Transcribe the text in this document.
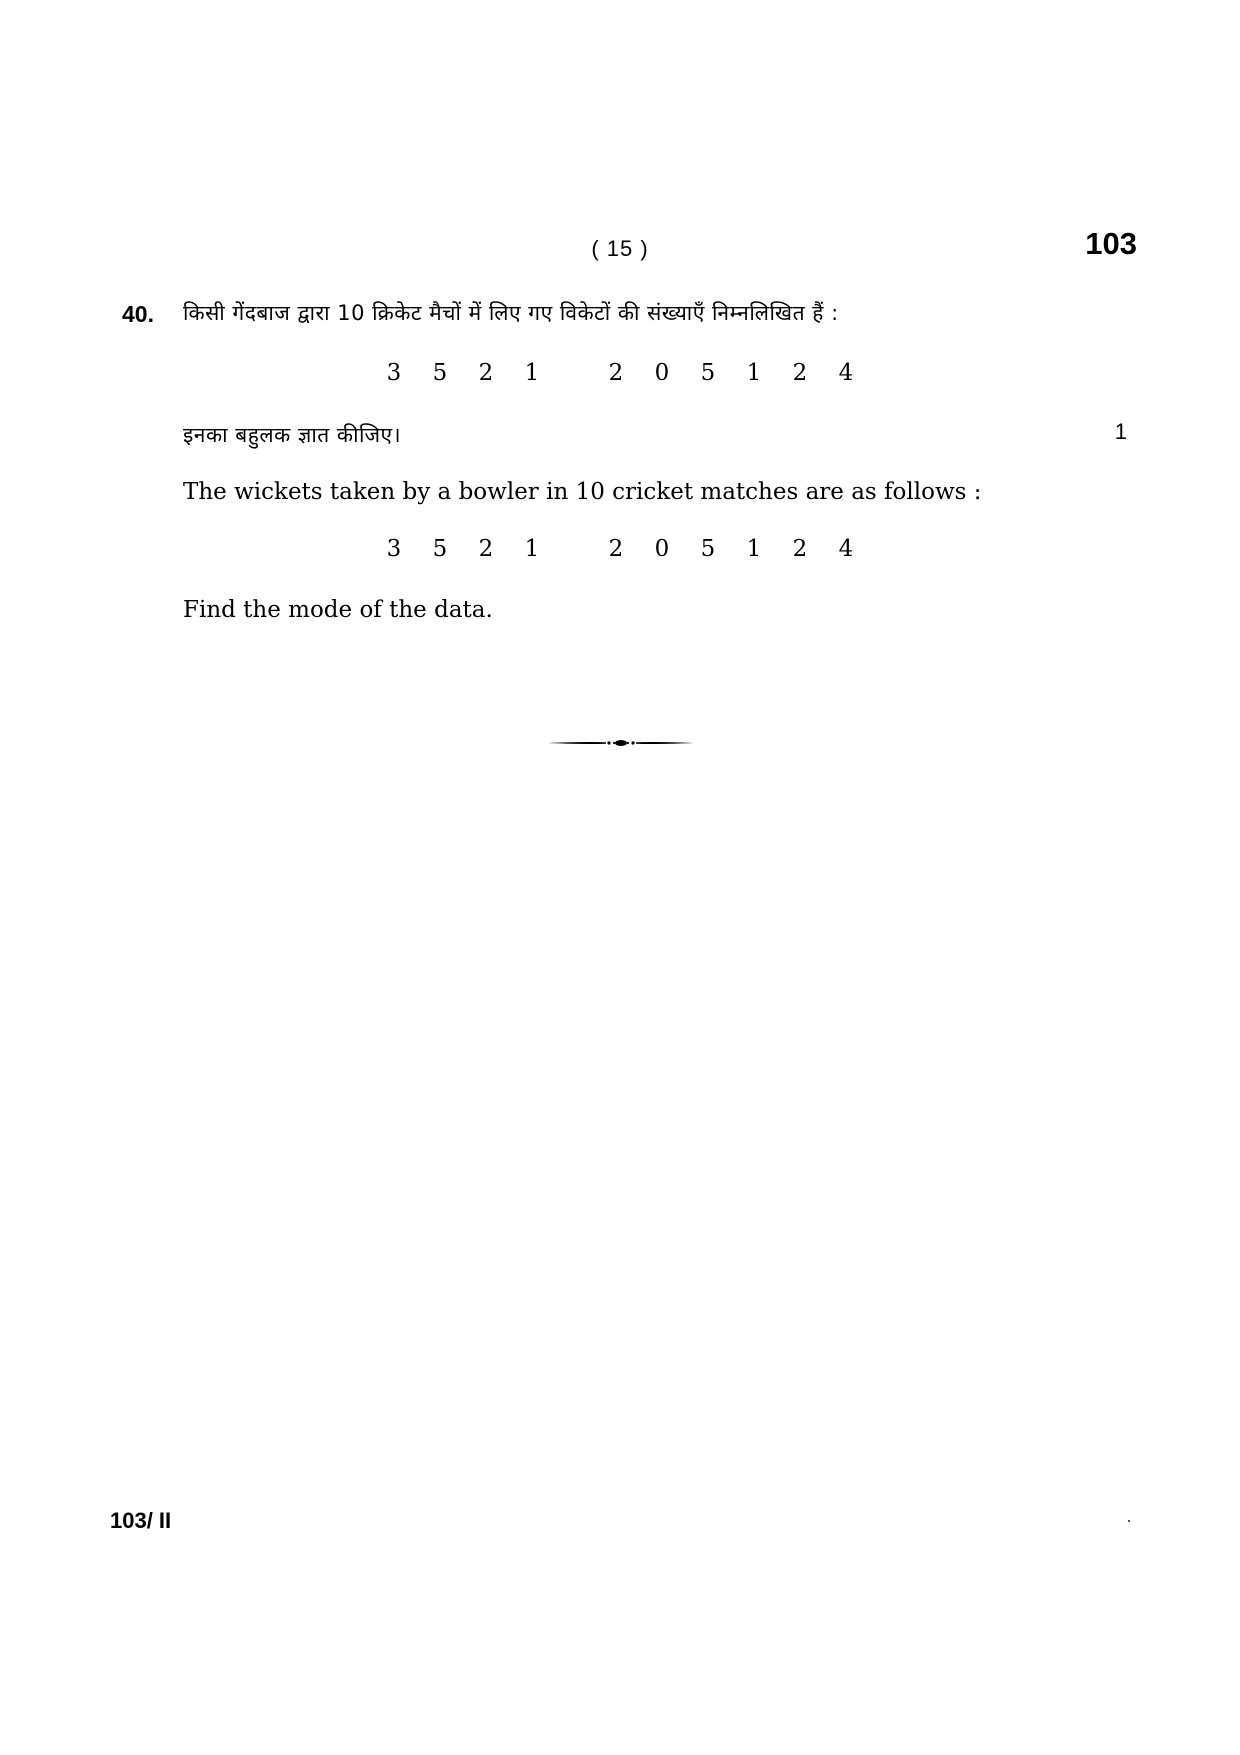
( 15 )	103
40. किसी गेंदबाज द्वारा 10 क्रिकेट मैचों में लिए गए विकेटों की संख्याएँ निम्नलिखित हैं :
3 5 2 1	2 0 5 1 2 4
इनका बहुलक ज्ञात कीजिए।	1
The wickets taken by a bowler in 10 cricket matches are as follows :
3 5 2 1	2 0 5 1 2 4
Find the mode of the data.
103/ II
